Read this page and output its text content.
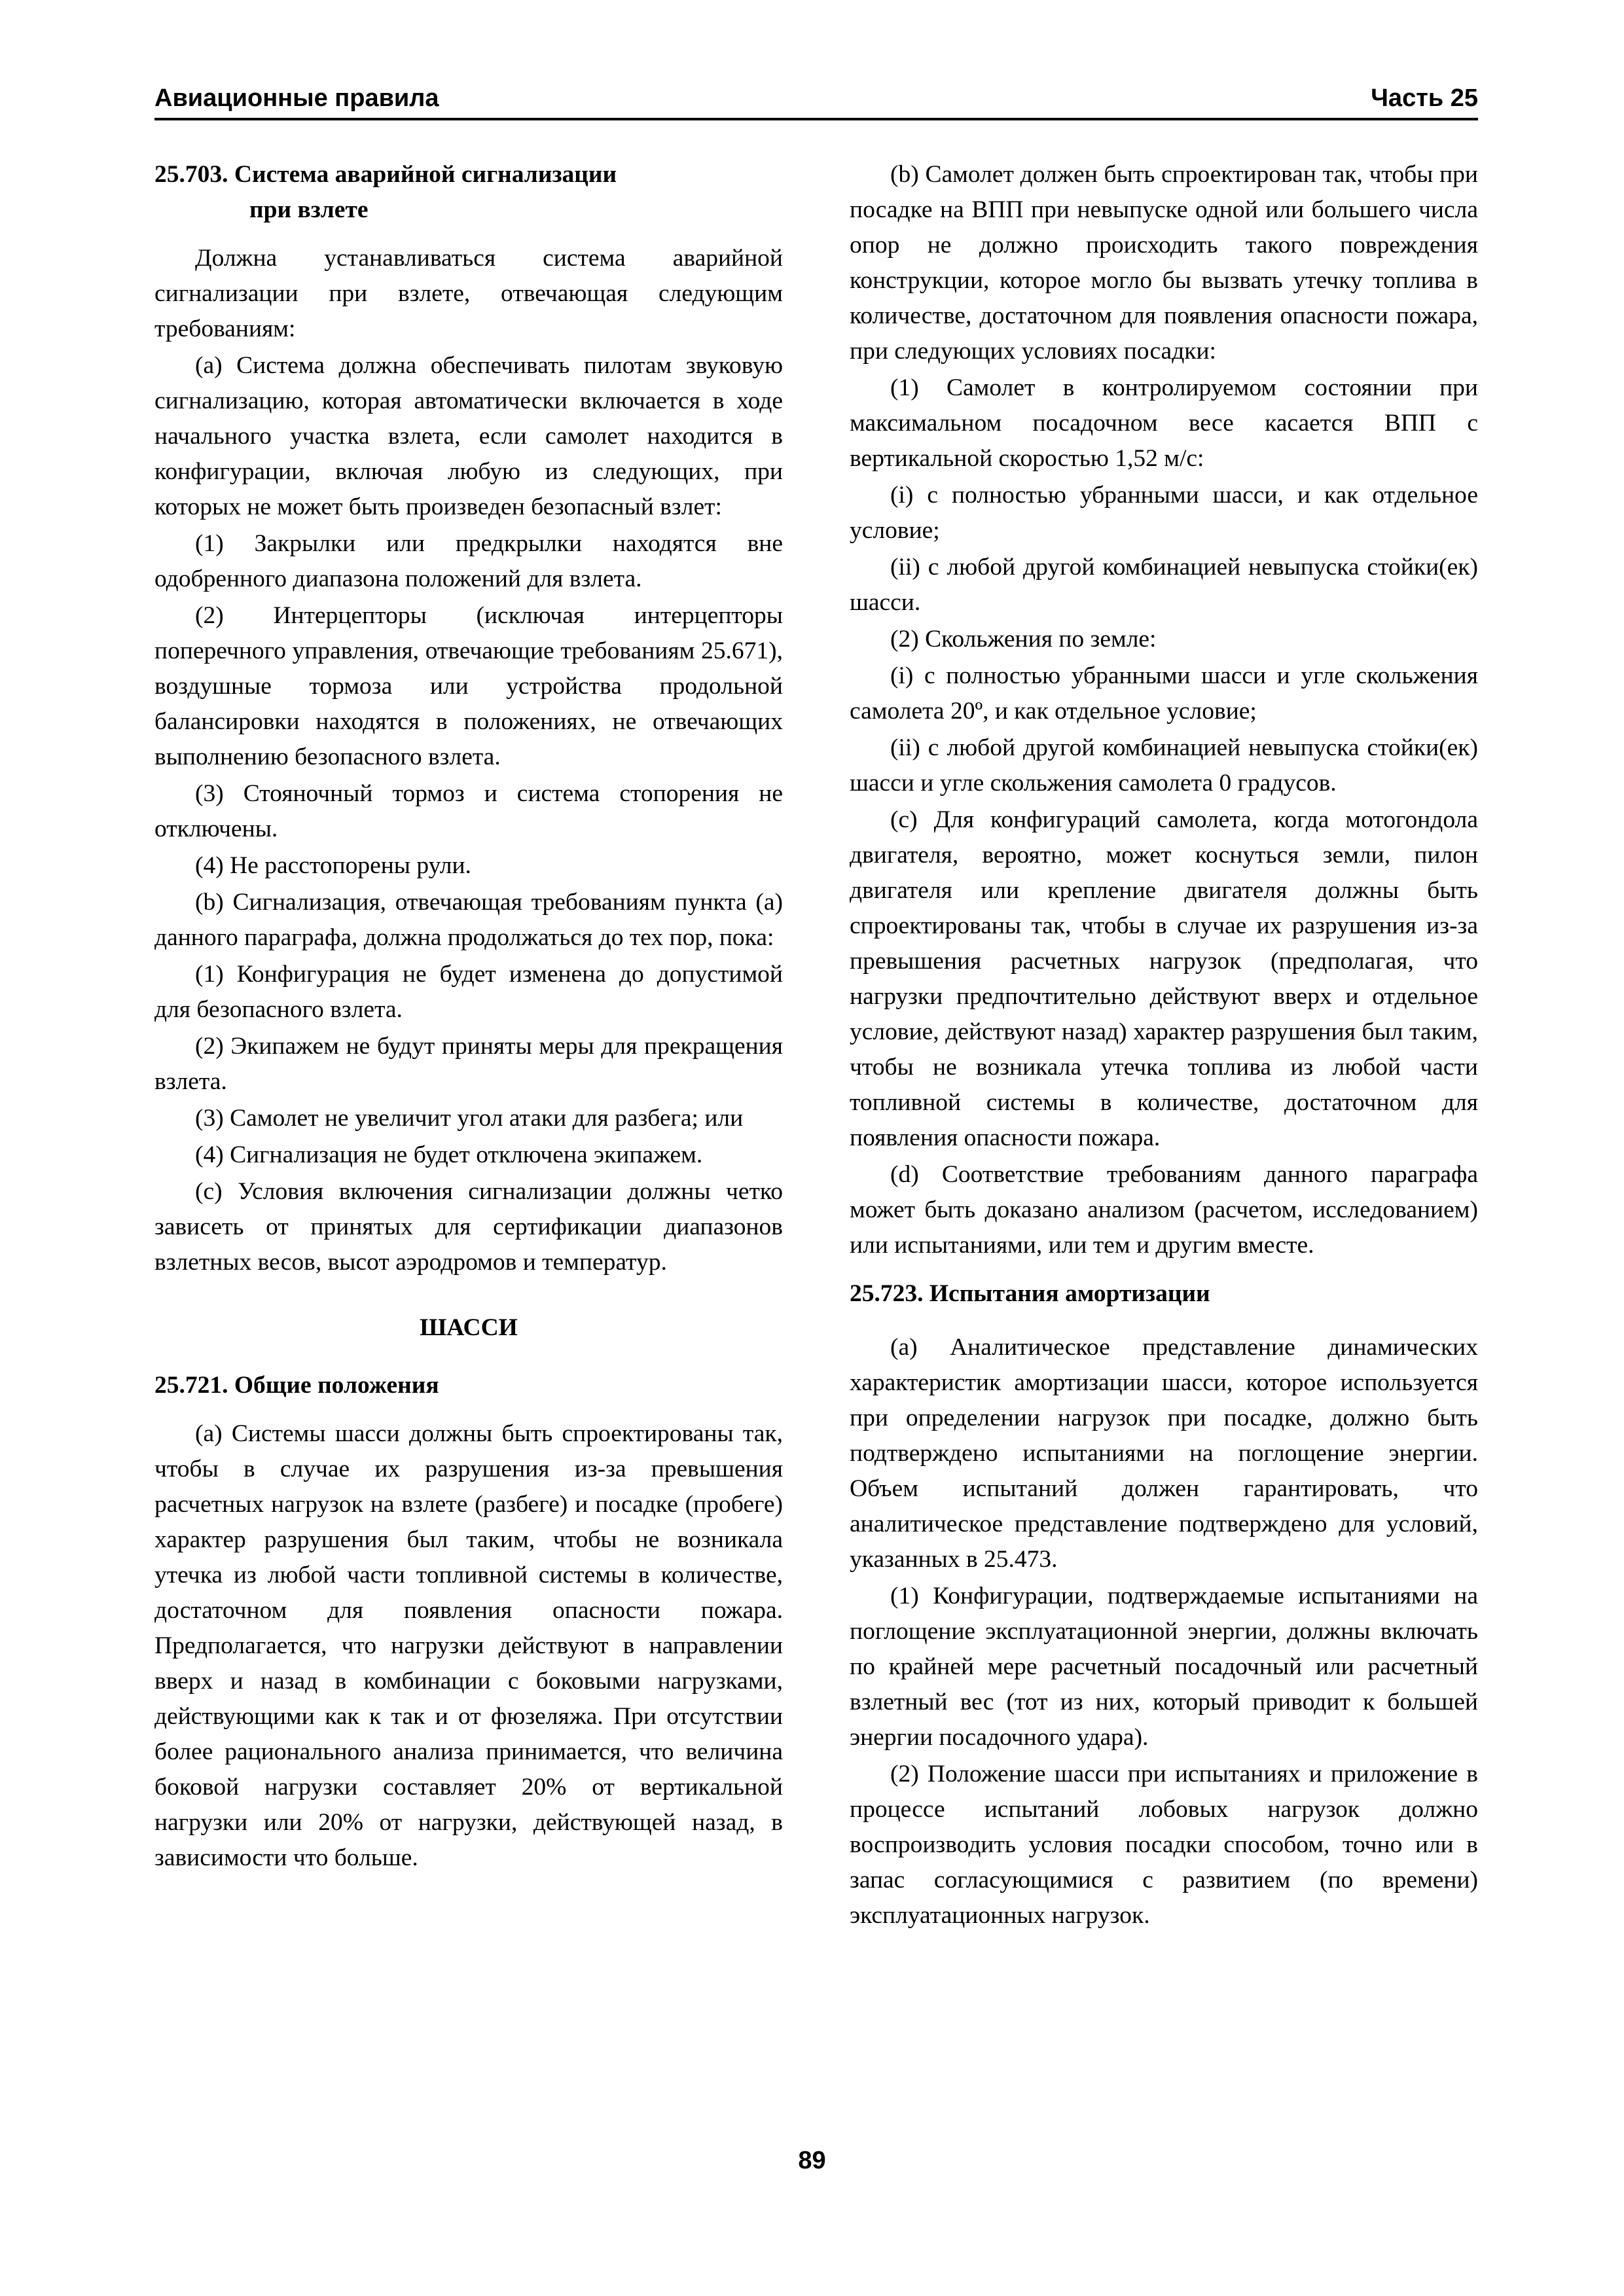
Авиационные правила	Часть 25
25.703. Система аварийной сигнализации
при взлете

Должна устанавливаться система аварийной сигнализации при взлете, отвечающая следующим требованиям:

(а) Система должна обеспечивать пилотам звуковую сигнализацию, которая автоматически включается в ходе начального участка взлета, если самолет находится в конфигурации, включая любую из следующих, при которых не может быть произведен безопасный взлет:

(1) Закрылки или предкрылки находятся вне одобренного диапазона положений для взлета.

(2) Интерцепторы (исключая интерцепторы поперечного управления, отвечающие требованиям 25.671), воздушные тормоза или устройства продольной балансировки находятся в положениях, не отвечающих выполнению безопасного взлета.

(3) Стояночный тормоз и система стопорения не отключены.

(4) Не расстопорены рули.

(b) Сигнализация, отвечающая требованиям пункта (а) данного параграфа, должна продолжаться до тех пор, пока:

(1) Конфигурация не будет изменена до допустимой для безопасного взлета.

(2) Экипажем не будут приняты меры для прекращения взлета.

(3) Самолет не увеличит угол атаки для разбега; или

(4) Сигнализация не будет отключена экипажем.

(с) Условия включения сигнализации должны четко зависеть от принятых для сертификации диапазонов взлетных весов, высот аэродромов и температур.

ШАССИ
25.721. Общие положения

(а) Системы шасси должны быть спроектированы так, чтобы в случае их разрушения из-за превышения расчетных нагрузок на взлете (разбеге) и посадке (пробеге) характер разрушения был таким, чтобы не возникала утечка из любой части топливной системы в количестве, достаточном для появления опасности пожара. Предполагается, что нагрузки действуют в направлении вверх и назад в комбинации с боковыми нагрузками, действующими как к так и от фюзеляжа. При отсутствии более рационального анализа принимается, что величина боковой нагрузки составляет 20% от вертикальной нагрузки или 20% от нагрузки, действующей назад, в зависимости что больше.

(b) Самолет должен быть спроектирован так, чтобы при посадке на ВПП при невыпуске одной или большего числа опор не должно происходить такого повреждения конструкции, которое могло бы вызвать утечку топлива в количестве, достаточном для появления опасности пожара, при следующих условиях посадки:

(1) Самолет в контролируемом состоянии при максимальном посадочном весе касается ВПП с вертикальной скоростью 1,52 м/с:

(i) с полностью убранными шасси, и как отдельное условие;

(ii) с любой другой комбинацией невыпуска стойки(ек) шасси.

(2) Скольжения по земле:

(i) с полностью убранными шасси и угле скольжения самолета 20º, и как отдельное условие;

(ii) с любой другой комбинацией невыпуска стойки(ек) шасси и угле скольжения самолета 0 градусов.

(c) Для конфигураций самолета, когда мотогондола двигателя, вероятно, может коснуться земли, пилон двигателя или крепление двигателя должны быть спроектированы так, чтобы в случае их разрушения из-за превышения расчетных нагрузок (предполагая, что нагрузки предпочтительно действуют вверх и отдельное условие, действуют назад) характер разрушения был таким, чтобы не возникала утечка топлива из любой части топливной системы в количестве, достаточном для появления опасности пожара.

(d) Соответствие требованиям данного параграфа может быть доказано анализом (расчетом, исследованием) или испытаниями, или тем и другим вместе.

25.723. Испытания амортизации

(а) Аналитическое представление динамических характеристик амортизации шасси, которое используется при определении нагрузок при посадке, должно быть подтверждено испытаниями на поглощение энергии. Объем испытаний должен гарантировать, что аналитическое представление подтверждено для условий, указанных в 25.473.

(1) Конфигурации, подтверждаемые испытаниями на поглощение эксплуатационной энергии, должны включать по крайней мере расчетный посадочный или расчетный взлетный вес (тот из них, который приводит к большей энергии посадочного удара).

(2) Положение шасси при испытаниях и приложение в процессе испытаний лобовых нагрузок должно воспроизводить условия посадки способом, точно или в запас согласующимися с развитием (по времени) эксплуатационных нагрузок.

89
